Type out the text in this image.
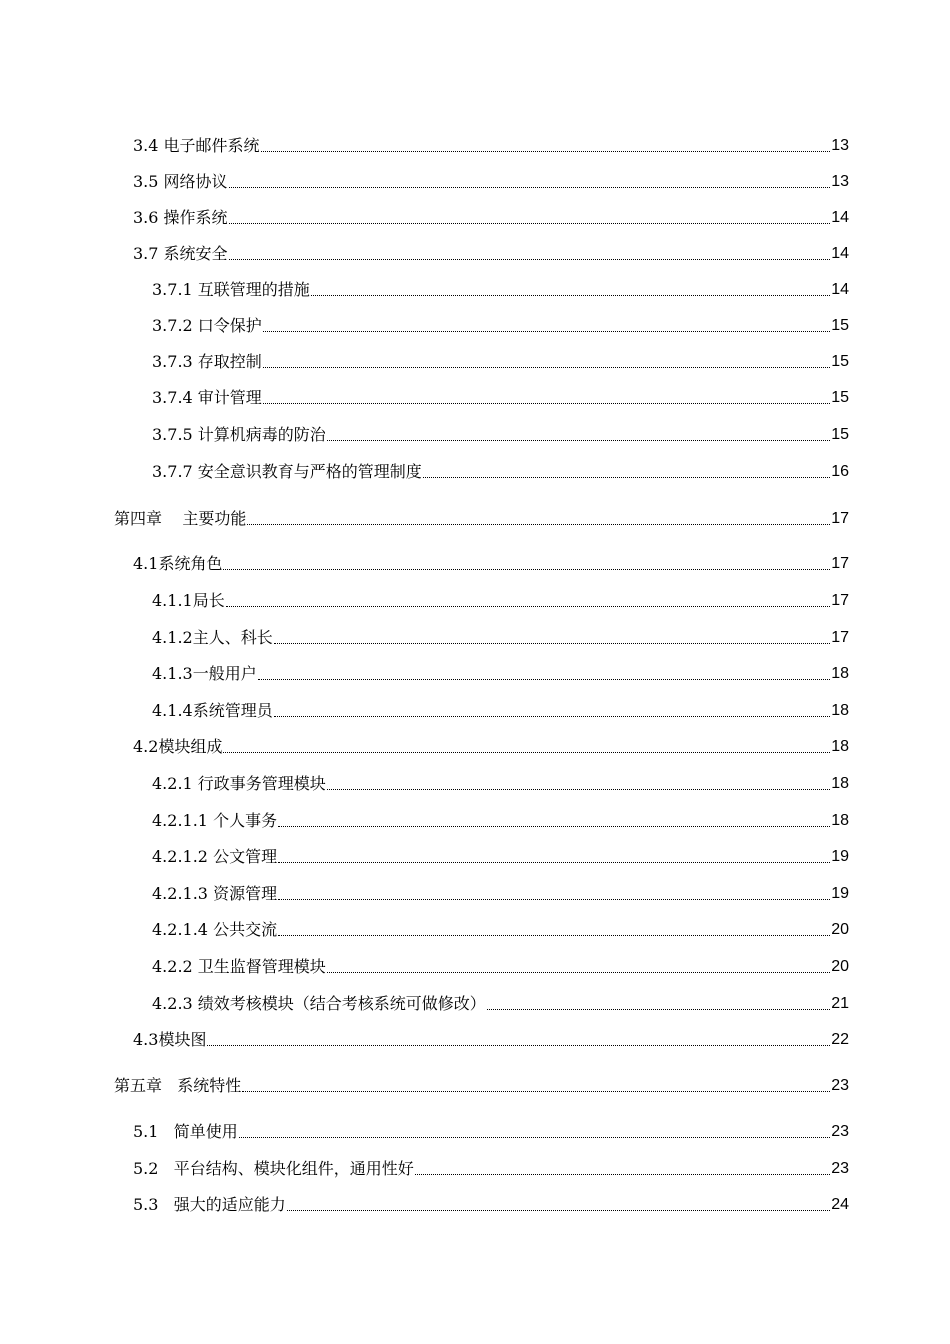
3.4 电子邮件系统	13
3.5 网络协议	13
3.6 操作系统	14
3.7 系统安全	14
3.7.1 互联管理的措施	14
3.7.2 口令保护	15
3.7.3 存取控制	15
3.7.4 审计管理	15
3.7.5 计算机病毒的防治	15
3.7.7 安全意识教育与严格的管理制度	16
第四章    主要功能	17
4.1系统角色	17
4.1.1局长	17
4.1.2主人、科长	17
4.1.3一般用户	18
4.1.4系统管理员	18
4.2模块组成	18
4.2.1 行政事务管理模块	18
4.2.1.1 个人事务	18
4.2.1.2 公文管理	19
4.2.1.3 资源管理	19
4.2.1.4 公共交流	20
4.2.2 卫生监督管理模块	20
4.2.3 绩效考核模块（结合考核系统可做修改）	21
4.3模块图	22
第五章   系统特性	23
5.1   简单使用	23
5.2   平台结构、模块化组件，通用性好	23
5.3   强大的适应能力	24
